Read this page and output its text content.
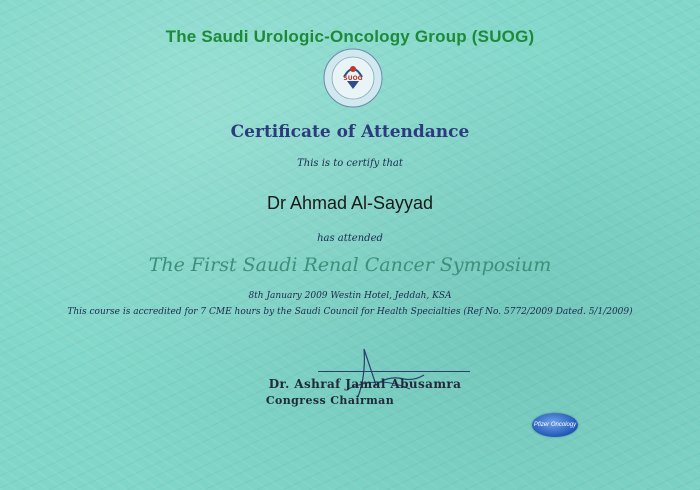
The Saudi Urologic-Oncology Group (SUOG)
SUOG
Certificate of Attendance
This is to certify that
Dr Ahmad Al-Sayyad
has attended
The First Saudi Renal Cancer Symposium
8th January 2009 Westin Hotel, Jeddah, KSA
This course is accredited for 7 CME hours by the Saudi Council for Health Specialties (Ref No. 5772/2009 Dated. 5/1/2009)
Dr. Ashraf Jamal Abusamra
Congress Chairman
Pfizer Oncology
